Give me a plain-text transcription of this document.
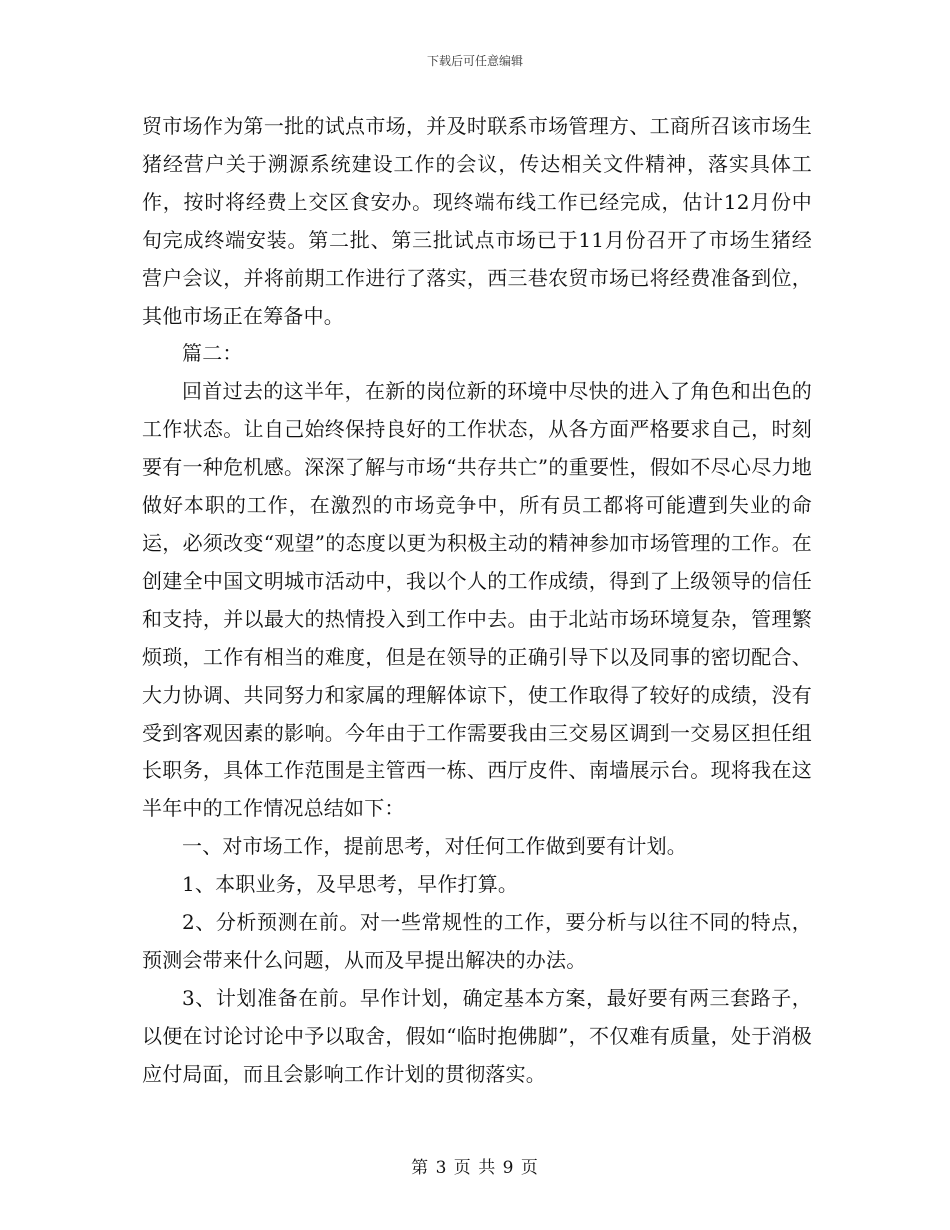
下载后可任意编辑

贸市场作为第一批的试点市场，并及时联系市场管理方、工商所召该市场生猪经营户关于溯源系统建设工作的会议，传达相关文件精神，落实具体工作，按时将经费上交区食安办。现终端布线工作已经完成，估计12月份中旬完成终端安装。第二批、第三批试点市场已于11月份召开了市场生猪经营户会议，并将前期工作进行了落实，西三巷农贸市场已将经费准备到位，其他市场正在筹备中。

篇二：

回首过去的这半年，在新的岗位新的环境中尽快的进入了角色和出色的工作状态。让自己始终保持良好的工作状态，从各方面严格要求自己，时刻要有一种危机感。深深了解与市场“共存共亡”的重要性，假如不尽心尽力地做好本职的工作，在激烈的市场竞争中，所有员工都将可能遭到失业的命运，必须改变“观望”的态度以更为积极主动的精神参加市场管理的工作。在创建全中国文明城市活动中，我以个人的工作成绩，得到了上级领导的信任和支持，并以最大的热情投入到工作中去。由于北站市场环境复杂，管理繁烦琐，工作有相当的难度，但是在领导的正确引导下以及同事的密切配合、大力协调、共同努力和家属的理解体谅下，使工作取得了较好的成绩，没有受到客观因素的影响。今年由于工作需要我由三交易区调到一交易区担任组长职务，具体工作范围是主管西一栋、西厅皮件、南墙展示台。现将我在这半年中的工作情况总结如下：

一、对市场工作，提前思考，对任何工作做到要有计划。

1、本职业务，及早思考，早作打算。

2、分析预测在前。对一些常规性的工作，要分析与以往不同的特点，预测会带来什么问题，从而及早提出解决的办法。

3、计划准备在前。早作计划，确定基本方案，最好要有两三套路子，以便在讨论讨论中予以取舍，假如“临时抱佛脚”，不仅难有质量，处于消极应付局面，而且会影响工作计划的贯彻落实。

第 3 页 共 9 页
